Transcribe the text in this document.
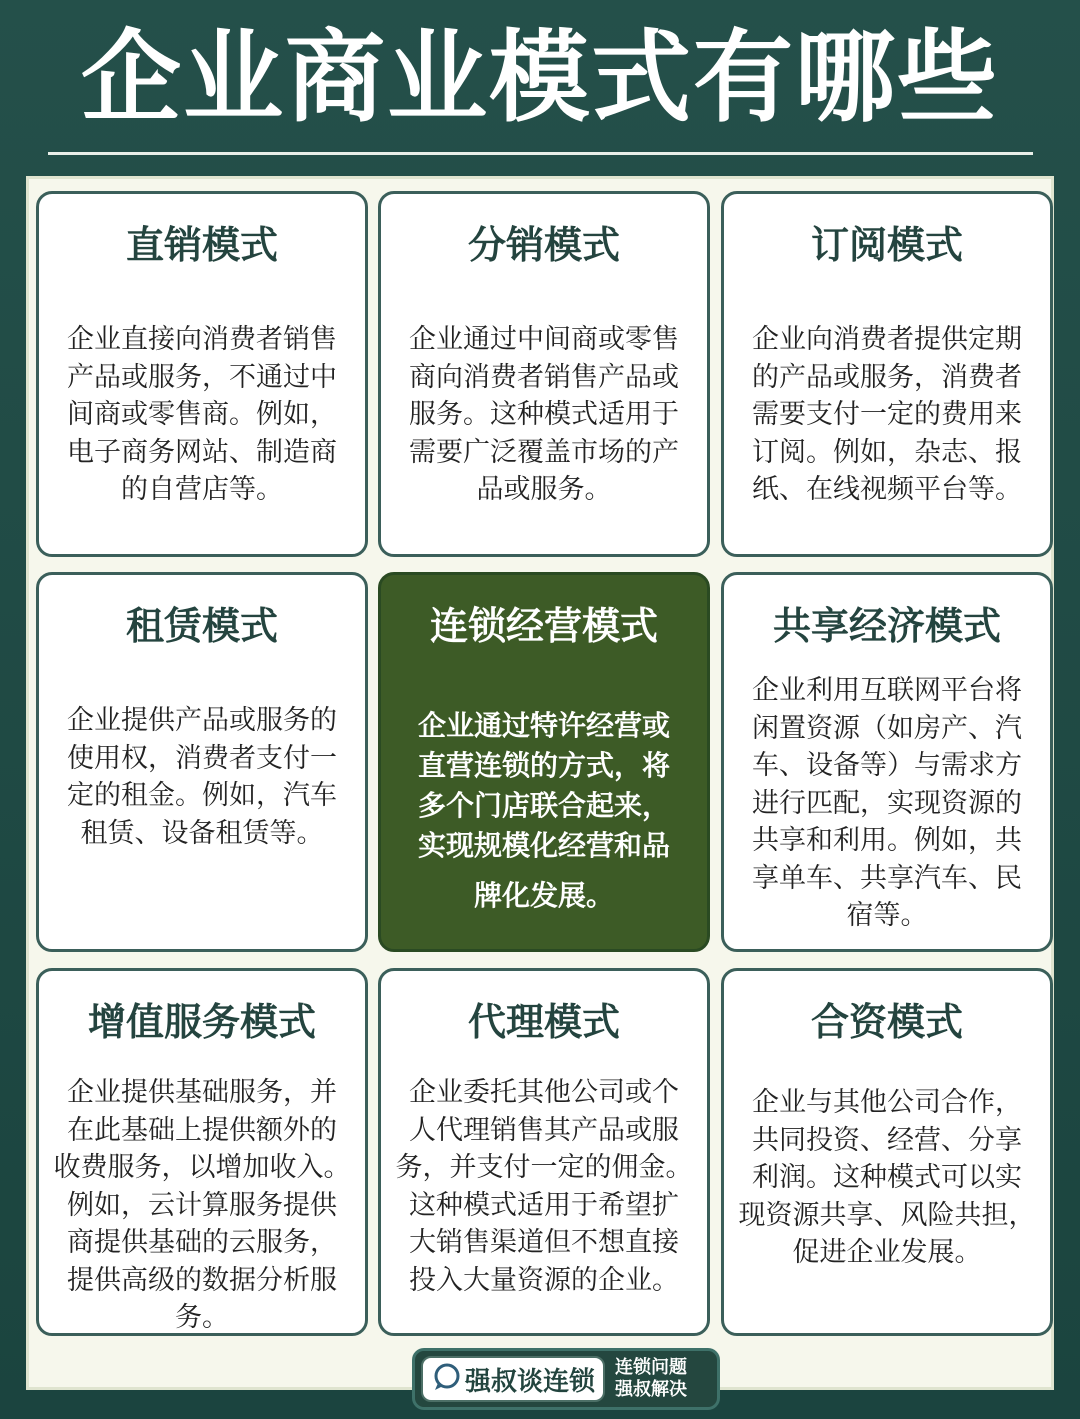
企业商业模式有哪些
直销模式
企业直接向消费者销售
产品或服务，不通过中
间商或零售商。例如，
电子商务网站、制造商
的自营店等。
分销模式
企业通过中间商或零售
商向消费者销售产品或
服务。这种模式适用于
需要广泛覆盖市场的产
品或服务。
订阅模式
企业向消费者提供定期
的产品或服务，消费者
需要支付一定的费用来
订阅。例如，杂志、报
纸、在线视频平台等。
租赁模式
企业提供产品或服务的
使用权，消费者支付一
定的租金。例如，汽车
租赁、设备租赁等。
连锁经营模式
企业通过特许经营或
直营连锁的方式，将
多个门店联合起来，
实现规模化经营和品
牌化发展。
共享经济模式
企业利用互联网平台将
闲置资源（如房产、汽
车、设备等）与需求方
进行匹配，实现资源的
共享和利用。例如，共
享单车、共享汽车、民
宿等。
增值服务模式
企业提供基础服务，并
在此基础上提供额外的
收费服务，以增加收入。
例如，云计算服务提供
商提供基础的云服务，
提供高级的数据分析服
务。
代理模式
企业委托其他公司或个
人代理销售其产品或服
务，并支付一定的佣金。
这种模式适用于希望扩
大销售渠道但不想直接
投入大量资源的企业。
合资模式
企业与其他公司合作，
共同投资、经营、分享
利润。这种模式可以实
现资源共享、风险共担，
促进企业发展。
强叔谈连锁 连锁问题
强叔解决
